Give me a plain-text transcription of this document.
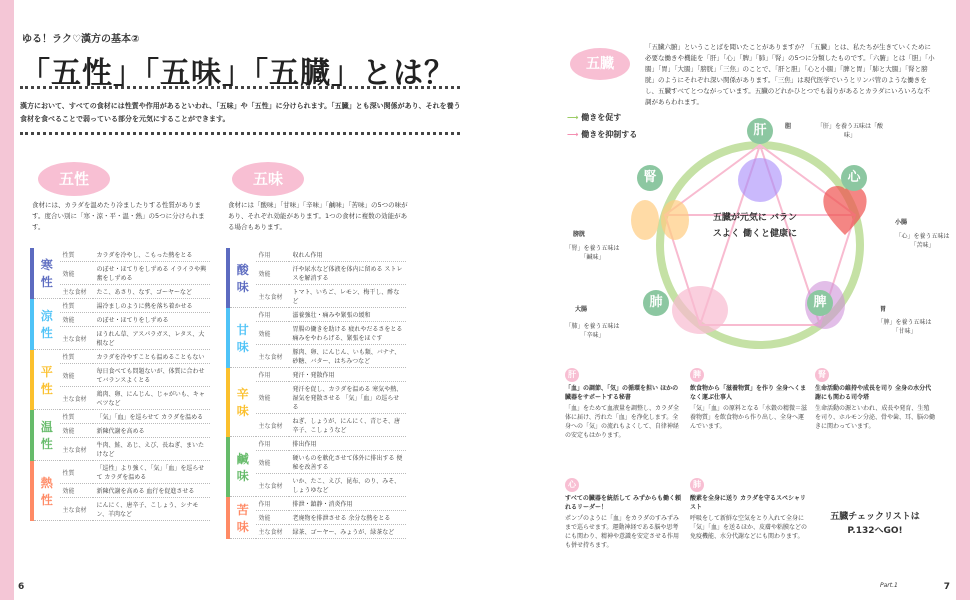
ゆる！ラク♡漢方の基本②
「五性」「五味」「五臓」とは？
漢方において、すべての食材には性質や作用があるといわれ、「五味」や「五性」に分けられます。「五臓」とも深い関係があり、それを養う食材を食べることで弱っている部分を元気にすることができます。
五性
食材には、カラダを温めたり冷ましたりする性質があります。度合い別に「寒・涼・平・温・熱」の5つに分けられます。
五味
食材には「酸味」「甘味」「辛味」「鹹味」「苦味」の5つの味があり、それぞれ効能があります。1つの食材に複数の効能がある場合もあります。
寒性	性質	カラダを冷やし、こもった熱をとる
	効能	のぼせ・ほてりをしずめる イライラや興奮をしずめる
	主な食材	たこ、あさり、なす、ゴーヤーなど
涼性	性質	湯冷ましのように熱を落ち着かせる
	効能	のぼせ・ほてりをしずめる
	主な食材	ほうれん草、アスパラガス、レタス、大根など
平性	性質	カラダを冷やすことも温めることもない
	効能	毎日食べても問題ないが、体質に合わせてバランスよくとる
	主な食材	鶏肉、卵、にんじん、じゃがいも、キャベツなど
温性	性質	「気」「血」を巡らせて カラダを温める
	効能	新陳代謝を高める
	主な食材	牛肉、鮭、あじ、えび、長ねぎ、まいたけなど
熱性	性質	「巡性」より強く、「気」「血」を巡らせて カラダを温める
	効能	新陳代謝を高める 血行を促進させる
	主な食材	にんにく、唐辛子、こしょう、シナモン、羊肉など
酸味	作用	収れん作用
	効能	汗や尿水など体液を体内に留める ストレスを解消する
	主な食材	トマト、いちご、レモン、梅干し、酢など
甘味	作用	滋養強壮・痛みや緊張の緩和
	効能	胃腸の働きを助ける 疲れやだるさをとる 痛みをやわらげる、緊張をほぐす
	主な食材	豚肉、卵、にんじん、いも類、バナナ、砂糖、バター、はちみつなど
辛味	作用	発汗・発散作用
	効能	発汗を促し、カラダを温める 寒気や熱、湿気を発散させる 「気」「血」の巡らせる
	主な食材	ねぎ、しょうが、にんにく、青じそ、唐辛子、こしょうなど
鹹味	作用	排出作用
	効能	硬いものを軟化させて体外に排出する 便秘を改善する
	主な食材	いか、たこ、えび、昆布、のり、みそ、しょうゆなど
苦味	作用	排泄・鎮静・消炎作用
	効能	老廃物を排泄させる 余分な熱をとる
	主な食材	緑茶、ゴーヤー、みょうが、緑茶など
6
五臓
「五臓六腑」ということばを聞いたことがありますか？「五臓」とは、私たちが生きていくために必要な働きや機能を「肝」「心」「脾」「肺」「腎」の5つに分類したものです。「六腑」とは「胆」「小腸」「胃」「大腸」「膀胱」「三焦」のことで、「肝と胆」「心と小腸」「脾と胃」「肺と大腸」「腎と膀胱」のようにそれぞれ深い関係があります。「三焦」は現代医学でいうとリンパ管のような働きをし、五臓すべてとつながっています。五臓のどれかひとつでも弱りがあるとカラダにいろいろな不調があらわれます。
⟶ 働きを促す
⟶ 働きを抑制する	肝
心
脾
肺
腎
胆	「肝」を養う五味は「酸味」
小腸
「心」を養う五味は「苦味」
胃
「脾」を養う五味は「甘味」
大腸
「肺」を養う五味は「辛味」
膀胱
「腎」を養う五味は「鹹味」
五臓が元気に バランスよく 働くと健康に
肝
「血」の調節、「気」の循環を担い ほかの臓器をサポートする秘書
「血」をためて血液量を調整し、カラダ全体に届け、汚れた「血」を浄化します。全身への「気」の流れもよくして、自律神経の安定もはかります。
脾
飲食物から「滋養物質」を作り 全身へくまなく運ぶ仕事人
「気」「血」の原料となる「水穀の精微＝滋養物質」を飲食物から作り出し、全身へ運んでいます。
腎
生命活動の維持や成長を司り 全身の水分代謝にも関わる司令塔
生命活動の源といわれ、成長や発育、生殖を司り、ホルモン分泌、骨や歯、耳、脳の働きに関わっています。
心
すべての臓器を統括して みずからも働く頼れるリーダー！
ポンプのように「血」をカラダのすみずみまで巡らせます。運動神経である脳や思考にも関わり、精神や意識を安定させる作用も併せ持ちます。
肺
酸素を全身に送り カラダを守るスペシャリスト
呼吸をして新鮮な空気をとり入れて全身に「気」「血」を送るほか、皮膚や粘膜などの免疫機能、水分代謝などにも関わります。
五臓チェックリストは P.132へGO!
Part.1	7
